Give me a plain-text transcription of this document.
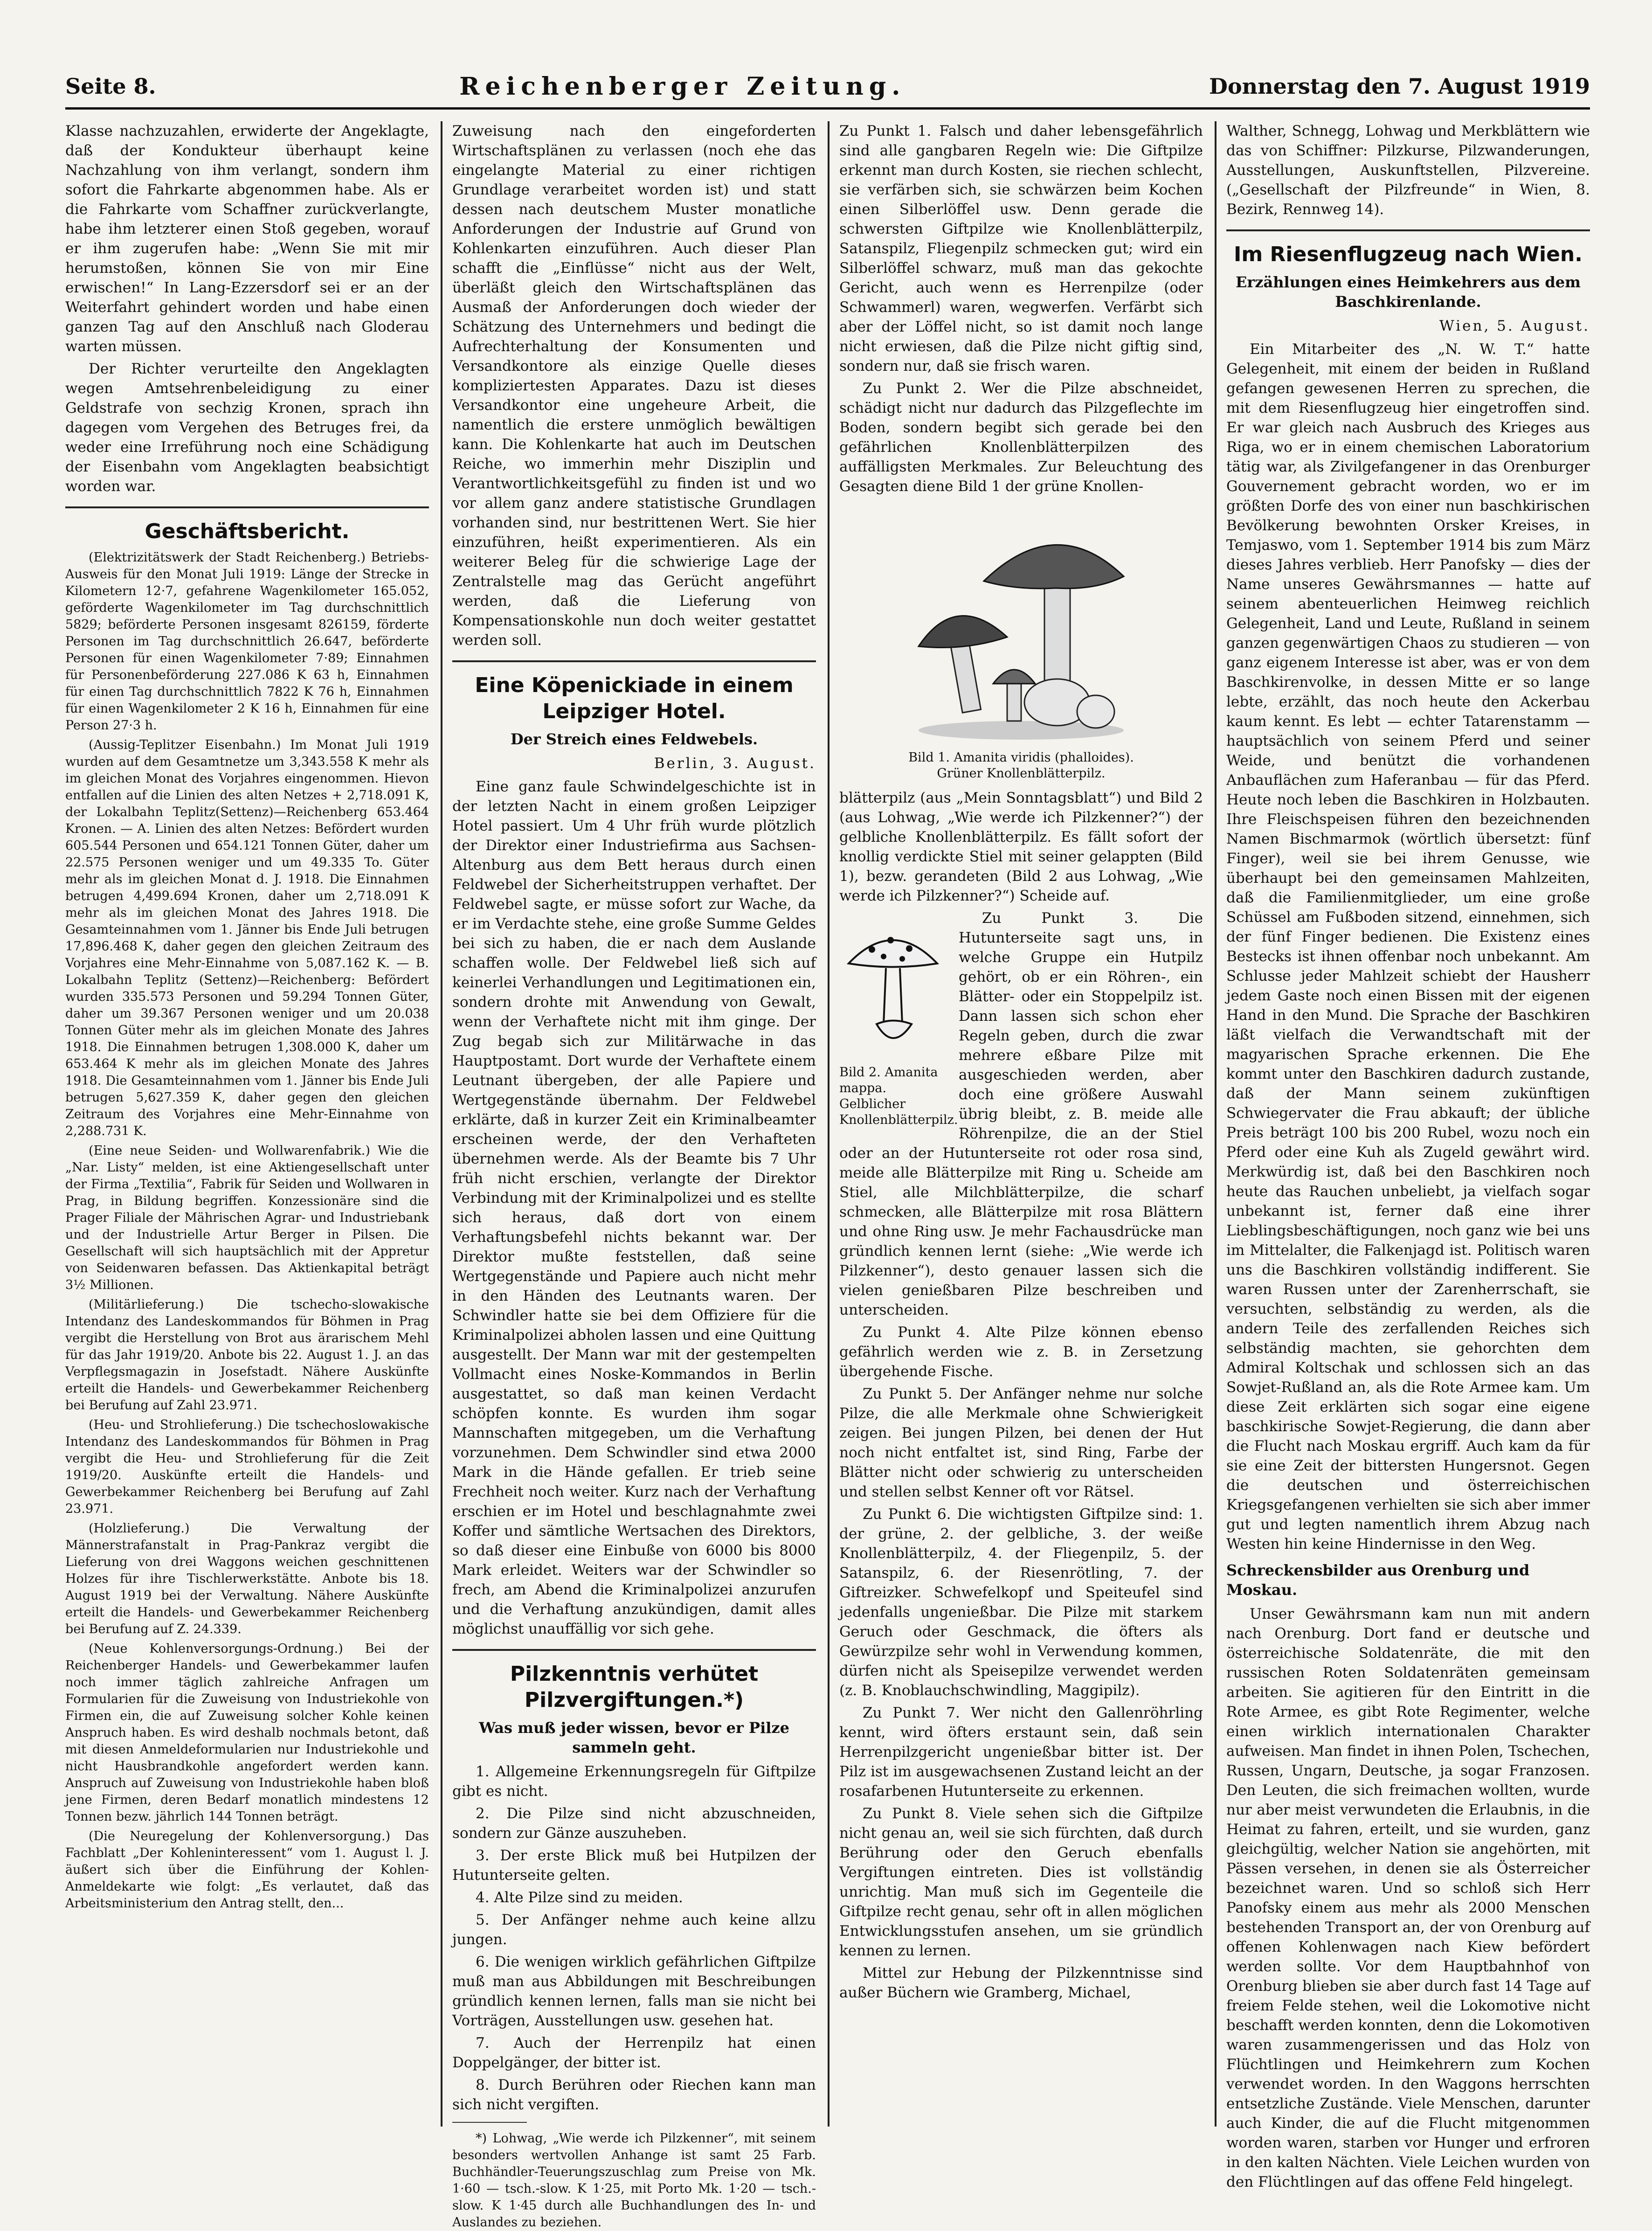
Seite 8.	Reichenberger Zeitung.	Donnerstag den 7. August 1919

Klasse nachzuzahlen, erwiderte der Angeklagte, daß der Kondukteur überhaupt keine Nachzahlung von ihm verlangt, sondern ihm sofort die Fahrkarte abgenommen habe. Als er die Fahrkarte vom Schaffner zurückverlangte, habe ihm letzterer einen Stoß gegeben, worauf er ihm zugerufen habe: „Wenn Sie mit mir herumstoßen, können Sie von mir Eine erwischen!“ In Lang-Ezzersdorf sei er an der Weiterfahrt gehindert worden und habe einen ganzen Tag auf den Anschluß nach Gloderau warten müssen.

Der Richter verurteilte den Angeklagten wegen Amtsehrenbeleidigung zu einer Geldstrafe von sechzig Kronen, sprach ihn dagegen vom Vergehen des Betruges frei, da weder eine Irreführung noch eine Schädigung der Eisenbahn vom Angeklagten beabsichtigt worden war.

Geschäftsbericht.

(Elektrizitätswerk der Stadt Reichenberg.) Betriebs-Ausweis für den Monat Juli 1919: Länge der Strecke in Kilometern 12·7, gefahrene Wagenkilometer 165.052, geförderte Wagenkilometer im Tag durchschnittlich 5829; beförderte Personen insgesamt 826159, förderte Personen im Tag durchschnittlich 26.647, beförderte Personen für einen Wagenkilometer 7·89; Einnahmen für Personenbeförderung 227.086 K 63 h, Einnahmen für einen Tag durchschnittlich 7822 K 76 h, Einnahmen für einen Wagenkilometer 2 K 16 h, Einnahmen für eine Person 27·3 h.

(Aussig-Teplitzer Eisenbahn.) Im Monat Juli 1919 wurden auf dem Gesamtnetze um 3,343.558 K mehr als im gleichen Monat des Vorjahres eingenommen. Hievon entfallen auf die Linien des alten Netzes + 2,718.091 K, der Lokalbahn Teplitz(Settenz)—Reichenberg 653.464 Kronen. — A. Linien des alten Netzes: Befördert wurden 605.544 Personen und 654.121 Tonnen Güter, daher um 22.575 Personen weniger und um 49.335 To. Güter mehr als im gleichen Monat d. J. 1918. Die Einnahmen betrugen 4,499.694 Kronen, daher um 2,718.091 K mehr als im gleichen Monat des Jahres 1918. Die Gesamteinnahmen vom 1. Jänner bis Ende Juli betrugen 17,896.468 K, daher gegen den gleichen Zeitraum des Vorjahres eine Mehr-Einnahme von 5,087.162 K. — B. Lokalbahn Teplitz (Settenz)—Reichenberg: Befördert wurden 335.573 Personen und 59.294 Tonnen Güter, daher um 39.367 Personen weniger und um 20.038 Tonnen Güter mehr als im gleichen Monate des Jahres 1918. Die Einnahmen betrugen 1,308.000 K, daher um 653.464 K mehr als im gleichen Monate des Jahres 1918. Die Gesamteinnahmen vom 1. Jänner bis Ende Juli betrugen 5,627.359 K, daher gegen den gleichen Zeitraum des Vorjahres eine Mehr-Einnahme von 2,288.731 K.

(Eine neue Seiden- und Wollwarenfabrik.) Wie die „Nar. Listy“ melden, ist eine Aktiengesellschaft unter der Firma „Textilia“, Fabrik für Seiden und Wollwaren in Prag, in Bildung begriffen. Konzessionäre sind die Prager Filiale der Mährischen Agrar- und Industriebank und der Industrielle Artur Berger in Pilsen. Die Gesellschaft will sich hauptsächlich mit der Appretur von Seidenwaren befassen. Das Aktienkapital beträgt 3½ Millionen.

(Militärlieferung.) Die tschecho-slowakische Intendanz des Landeskommandos für Böhmen in Prag vergibt die Herstellung von Brot aus ärarischem Mehl für das Jahr 1919/20. Anbote bis 22. August 1. J. an das Verpflegsmagazin in Josefstadt. Nähere Auskünfte erteilt die Handels- und Gewerbekammer Reichenberg bei Berufung auf Zahl 23.971.

(Heu- und Strohlieferung.) Die tschechoslowakische Intendanz des Landeskommandos für Böhmen in Prag vergibt die Heu- und Strohlieferung für die Zeit 1919/20. Auskünfte erteilt die Handels- und Gewerbekammer Reichenberg bei Berufung auf Zahl 23.971.

(Holzlieferung.) Die Verwaltung der Männerstrafanstalt in Prag-Pankraz vergibt die Lieferung von drei Waggons weichen geschnittenen Holzes für ihre Tischlerwerkstätte. Anbote bis 18. August 1919 bei der Verwaltung. Nähere Auskünfte erteilt die Handels- und Gewerbekammer Reichenberg bei Berufung auf Z. 24.339.

(Neue Kohlenversorgungs-Ordnung.) Bei der Reichenberger Handels- und Gewerbekammer laufen noch immer täglich zahlreiche Anfragen um Formularien für die Zuweisung von Industriekohle von Firmen ein, die auf Zuweisung solcher Kohle keinen Anspruch haben. Es wird deshalb nochmals betont, daß mit diesen Anmeldeformularien nur Industriekohle und nicht Hausbrandkohle angefordert werden kann. Anspruch auf Zuweisung von Industriekohle haben bloß jene Firmen, deren Bedarf monatlich mindestens 12 Tonnen bezw. jährlich 144 Tonnen beträgt.

(Die Neuregelung der Kohlenversorgung.) Das Fachblatt „Der Kohleninteressent“ vom 1. August l. J. äußert sich über die Einführung der Kohlen-Anmeldekarte wie folgt: „Es verlautet, daß das Arbeitsministerium den Antrag stellt, den...

Zuweisung nach den eingeforderten Wirtschaftsplänen zu verlassen (noch ehe das eingelangte Material zu einer richtigen Grundlage verarbeitet worden ist) und statt dessen nach deutschem Muster monatliche Anforderungen der Industrie auf Grund von Kohlenkarten einzuführen. Auch dieser Plan schafft die „Einflüsse“ nicht aus der Welt, überläßt gleich den Wirtschaftsplänen das Ausmaß der Anforderungen doch wieder der Schätzung des Unternehmers und bedingt die Aufrechterhaltung der Konsumenten und Versandkontore als einzige Quelle dieses kompliziertesten Apparates. Dazu ist dieses Versandkontor eine ungeheure Arbeit, die namentlich die erstere unmöglich bewältigen kann. Die Kohlenkarte hat auch im Deutschen Reiche, wo immerhin mehr Disziplin und Verantwortlichkeitsgefühl zu finden ist und wo vor allem ganz andere statistische Grundlagen vorhanden sind, nur bestrittenen Wert. Sie hier einzuführen, heißt experimentieren. Als ein weiterer Beleg für die schwierige Lage der Zentralstelle mag das Gerücht angeführt werden, daß die Lieferung von Kompensationskohle nun doch weiter gestattet werden soll.

Eine Köpenickiade in einem Leipziger Hotel.
Der Streich eines Feldwebels.
Berlin, 3. August.

Eine ganz faule Schwindelgeschichte ist in der letzten Nacht in einem großen Leipziger Hotel passiert. Um 4 Uhr früh wurde plötzlich der Direktor einer Industriefirma aus Sachsen-Altenburg aus dem Bett heraus durch einen Feldwebel der Sicherheitstruppen verhaftet. Der Feldwebel sagte, er müsse sofort zur Wache, da er im Verdachte stehe, eine große Summe Geldes bei sich zu haben, die er nach dem Auslande schaffen wolle. Der Feldwebel ließ sich auf keinerlei Verhandlungen und Legitimationen ein, sondern drohte mit Anwendung von Gewalt, wenn der Verhaftete nicht mit ihm ginge. Der Zug begab sich zur Militärwache in das Hauptpostamt. Dort wurde der Verhaftete einem Leutnant übergeben, der alle Papiere und Wertgegenstände übernahm. Der Feldwebel erklärte, daß in kurzer Zeit ein Kriminalbeamter erscheinen werde, der den Verhafteten übernehmen werde. Als der Beamte bis 7 Uhr früh nicht erschien, verlangte der Direktor Verbindung mit der Kriminalpolizei und es stellte sich heraus, daß dort von einem Verhaftungsbefehl nichts bekannt war. Der Direktor mußte feststellen, daß seine Wertgegenstände und Papiere auch nicht mehr in den Händen des Leutnants waren. Der Schwindler hatte sie bei dem Offiziere für die Kriminalpolizei abholen lassen und eine Quittung ausgestellt. Der Mann war mit der gestempelten Vollmacht eines Noske-Kommandos in Berlin ausgestattet, so daß man keinen Verdacht schöpfen konnte. Es wurden ihm sogar Mannschaften mitgegeben, um die Verhaftung vorzunehmen. Dem Schwindler sind etwa 2000 Mark in die Hände gefallen. Er trieb seine Frechheit noch weiter. Kurz nach der Verhaftung erschien er im Hotel und beschlagnahmte zwei Koffer und sämtliche Wertsachen des Direktors, so daß dieser eine Einbuße von 6000 bis 8000 Mark erleidet. Weiters war der Schwindler so frech, am Abend die Kriminalpolizei anzurufen und die Verhaftung anzukündigen, damit alles möglichst unauffällig vor sich gehe.

Pilzkenntnis verhütet Pilzvergiftungen.*)
Was muß jeder wissen, bevor er Pilze sammeln geht.

1. Allgemeine Erkennungsregeln für Giftpilze gibt es nicht.

2. Die Pilze sind nicht abzuschneiden, sondern zur Gänze auszuheben.

3. Der erste Blick muß bei Hutpilzen der Hutunterseite gelten.

4. Alte Pilze sind zu meiden.

5. Der Anfänger nehme auch keine allzu jungen.

6. Die wenigen wirklich gefährlichen Giftpilze muß man aus Abbildungen mit Beschreibungen gründlich kennen lernen, falls man sie nicht bei Vorträgen, Ausstellungen usw. gesehen hat.

7. Auch der Herrenpilz hat einen Doppelgänger, der bitter ist.

8. Durch Berühren oder Riechen kann man sich nicht vergiften.

*) Lohwag, „Wie werde ich Pilzkenner“, mit seinem besonders wertvollen Anhange ist samt 25 Farb. Buchhändler-Teuerungszuschlag zum Preise von Mk. 1·60 — tsch.-slow. K 1·25, mit Porto Mk. 1·20 — tsch.-slow. K 1·45 durch alle Buchhandlungen des In- und Auslandes zu beziehen.

Zu Punkt 1. Falsch und daher lebensgefährlich sind alle gangbaren Regeln wie: Die Giftpilze erkennt man durch Kosten, sie riechen schlecht, sie verfärben sich, sie schwärzen beim Kochen einen Silberlöffel usw. Denn gerade die schwersten Giftpilze wie Knollenblätterpilz, Satanspilz, Fliegenpilz schmecken gut; wird ein Silberlöffel schwarz, muß man das gekochte Gericht, auch wenn es Herrenpilze (oder Schwammerl) waren, wegwerfen. Verfärbt sich aber der Löffel nicht, so ist damit noch lange nicht erwiesen, daß die Pilze nicht giftig sind, sondern nur, daß sie frisch waren.

Zu Punkt 2. Wer die Pilze abschneidet, schädigt nicht nur dadurch das Pilzgeflechte im Boden, sondern begibt sich gerade bei den gefährlichen Knollenblätterpilzen des auffälligsten Merkmales. Zur Beleuchtung des Gesagten diene Bild 1 der grüne Knollen-

Bild 1. Amanita viridis (phalloides).
Grüner Knollenblätterpilz.

blätterpilz (aus „Mein Sonntagsblatt“) und Bild 2 (aus Lohwag, „Wie werde ich Pilzkenner?“) der gelbliche Knollenblätterpilz. Es fällt sofort der knollig verdickte Stiel mit seiner gelappten (Bild 1), bezw. gerandeten (Bild 2 aus Lohwag, „Wie werde ich Pilzkenner?“) Scheide auf.

Bild 2. Amanita mappa. Gelblicher Knollenblätterpilz.

Zu Punkt 3. Die Hutunterseite sagt uns, in welche Gruppe ein Hutpilz gehört, ob er ein Röhren-, ein Blätter- oder ein Stoppelpilz ist. Dann lassen sich schon eher Regeln geben, durch die zwar mehrere eßbare Pilze mit ausgeschieden werden, aber doch eine größere Auswahl übrig bleibt, z. B. meide alle Röhrenpilze, die an der Stiel oder an der Hutunterseite rot oder rosa sind, meide alle Blätterpilze mit Ring u. Scheide am Stiel, alle Milchblätterpilze, die scharf schmecken, alle Blätterpilze mit rosa Blättern und ohne Ring usw. Je mehr Fachausdrücke man gründlich kennen lernt (siehe: „Wie werde ich Pilzkenner“), desto genauer lassen sich die vielen genießbaren Pilze beschreiben und unterscheiden.

Zu Punkt 4. Alte Pilze können ebenso gefährlich werden wie z. B. in Zersetzung übergehende Fische.

Zu Punkt 5. Der Anfänger nehme nur solche Pilze, die alle Merkmale ohne Schwierigkeit zeigen. Bei jungen Pilzen, bei denen der Hut noch nicht entfaltet ist, sind Ring, Farbe der Blätter nicht oder schwierig zu unterscheiden und stellen selbst Kenner oft vor Rätsel.

Zu Punkt 6. Die wichtigsten Giftpilze sind: 1. der grüne, 2. der gelbliche, 3. der weiße Knollenblätterpilz, 4. der Fliegenpilz, 5. der Satanspilz, 6. der Riesenrötling, 7. der Giftreizker. Schwefelkopf und Speiteufel sind jedenfalls ungenießbar. Die Pilze mit starkem Geruch oder Geschmack, die öfters als Gewürzpilze sehr wohl in Verwendung kommen, dürfen nicht als Speisepilze verwendet werden (z. B. Knoblauchschwindling, Maggipilz).

Zu Punkt 7. Wer nicht den Gallenröhrling kennt, wird öfters erstaunt sein, daß sein Herrenpilzgericht ungenießbar bitter ist. Der Pilz ist im ausgewachsenen Zustand leicht an der rosafarbenen Hutunterseite zu erkennen.

Zu Punkt 8. Viele sehen sich die Giftpilze nicht genau an, weil sie sich fürchten, daß durch Berührung oder den Geruch ebenfalls Vergiftungen eintreten. Dies ist vollständig unrichtig. Man muß sich im Gegenteile die Giftpilze recht genau, sehr oft in allen möglichen Entwicklungsstufen ansehen, um sie gründlich kennen zu lernen.

Mittel zur Hebung der Pilzkenntnisse sind außer Büchern wie Gramberg, Michael,

Walther, Schnegg, Lohwag und Merkblättern wie das von Schiffner: Pilzkurse, Pilzwanderungen, Ausstellungen, Auskunftstellen, Pilzvereine. („Gesellschaft der Pilzfreunde“ in Wien, 8. Bezirk, Rennweg 14).

Im Riesenflugzeug nach Wien.
Erzählungen eines Heimkehrers aus dem Baschkirenlande.
Wien, 5. August.

Ein Mitarbeiter des „N. W. T.“ hatte Gelegenheit, mit einem der beiden in Rußland gefangen gewesenen Herren zu sprechen, die mit dem Riesenflugzeug hier eingetroffen sind. Er war gleich nach Ausbruch des Krieges aus Riga, wo er in einem chemischen Laboratorium tätig war, als Zivilgefangener in das Orenburger Gouvernement gebracht worden, wo er im größten Dorfe des von einer nun baschkirischen Bevölkerung bewohnten Orsker Kreises, in Temjaswo, vom 1. September 1914 bis zum März dieses Jahres verblieb. Herr Panofsky — dies der Name unseres Gewährsmannes — hatte auf seinem abenteuerlichen Heimweg reichlich Gelegenheit, Land und Leute, Rußland in seinem ganzen gegenwärtigen Chaos zu studieren — von ganz eigenem Interesse ist aber, was er von dem Baschkirenvolke, in dessen Mitte er so lange lebte, erzählt, das noch heute den Ackerbau kaum kennt. Es lebt — echter Tatarenstamm — hauptsächlich von seinem Pferd und seiner Weide, und benützt die vorhandenen Anbauflächen zum Haferanbau — für das Pferd. Heute noch leben die Baschkiren in Holzbauten. Ihre Fleischspeisen führen den bezeichnenden Namen Bischmarmok (wörtlich übersetzt: fünf Finger), weil sie bei ihrem Genusse, wie überhaupt bei den gemeinsamen Mahlzeiten, daß die Familienmitglieder, um eine große Schüssel am Fußboden sitzend, einnehmen, sich der fünf Finger bedienen. Die Existenz eines Bestecks ist ihnen offenbar noch unbekannt. Am Schlusse jeder Mahlzeit schiebt der Hausherr jedem Gaste noch einen Bissen mit der eigenen Hand in den Mund. Die Sprache der Baschkiren läßt vielfach die Verwandtschaft mit der magyarischen Sprache erkennen. Die Ehe kommt unter den Baschkiren dadurch zustande, daß der Mann seinem zukünftigen Schwiegervater die Frau abkauft; der übliche Preis beträgt 100 bis 200 Rubel, wozu noch ein Pferd oder eine Kuh als Zugeld gewährt wird. Merkwürdig ist, daß bei den Baschkiren noch heute das Rauchen unbeliebt, ja vielfach sogar unbekannt ist, ferner daß eine ihrer Lieblingsbeschäftigungen, noch ganz wie bei uns im Mittelalter, die Falkenjagd ist. Politisch waren uns die Baschkiren vollständig indifferent. Sie waren Russen unter der Zarenherrschaft, sie versuchten, selbständig zu werden, als die andern Teile des zerfallenden Reiches sich selbständig machten, sie gehorchten dem Admiral Koltschak und schlossen sich an das Sowjet-Rußland an, als die Rote Armee kam. Um diese Zeit erklärten sich sogar eine eigene baschkirische Sowjet-Regierung, die dann aber die Flucht nach Moskau ergriff. Auch kam da für sie eine Zeit der bittersten Hungersnot. Gegen die deutschen und österreichischen Kriegsgefangenen verhielten sie sich aber immer gut und legten namentlich ihrem Abzug nach Westen hin keine Hindernisse in den Weg.

Schreckensbilder aus Orenburg und Moskau.

Unser Gewährsmann kam nun mit andern nach Orenburg. Dort fand er deutsche und österreichische Soldatenräte, die mit den russischen Roten Soldatenräten gemeinsam arbeiten. Sie agitieren für den Eintritt in die Rote Armee, es gibt Rote Regimenter, welche einen wirklich internationalen Charakter aufweisen. Man findet in ihnen Polen, Tschechen, Russen, Ungarn, Deutsche, ja sogar Franzosen. Den Leuten, die sich freimachen wollten, wurde nur aber meist verwundeten die Erlaubnis, in die Heimat zu fahren, erteilt, und sie wurden, ganz gleichgültig, welcher Nation sie angehörten, mit Pässen versehen, in denen sie als Österreicher bezeichnet waren. Und so schloß sich Herr Panofsky einem aus mehr als 2000 Menschen bestehenden Transport an, der von Orenburg auf offenen Kohlenwagen nach Kiew befördert werden sollte. Vor dem Hauptbahnhof von Orenburg blieben sie aber durch fast 14 Tage auf freiem Felde stehen, weil die Lokomotive nicht beschafft werden konnten, denn die Lokomotiven waren zusammengerissen und das Holz von Flüchtlingen und Heimkehrern zum Kochen verwendet worden. In den Waggons herrschten entsetzliche Zustände. Viele Menschen, darunter auch Kinder, die auf die Flucht mitgenommen worden waren, starben vor Hunger und erfroren in den kalten Nächten. Viele Leichen wurden von den Flüchtlingen auf das offene Feld hingelegt.
